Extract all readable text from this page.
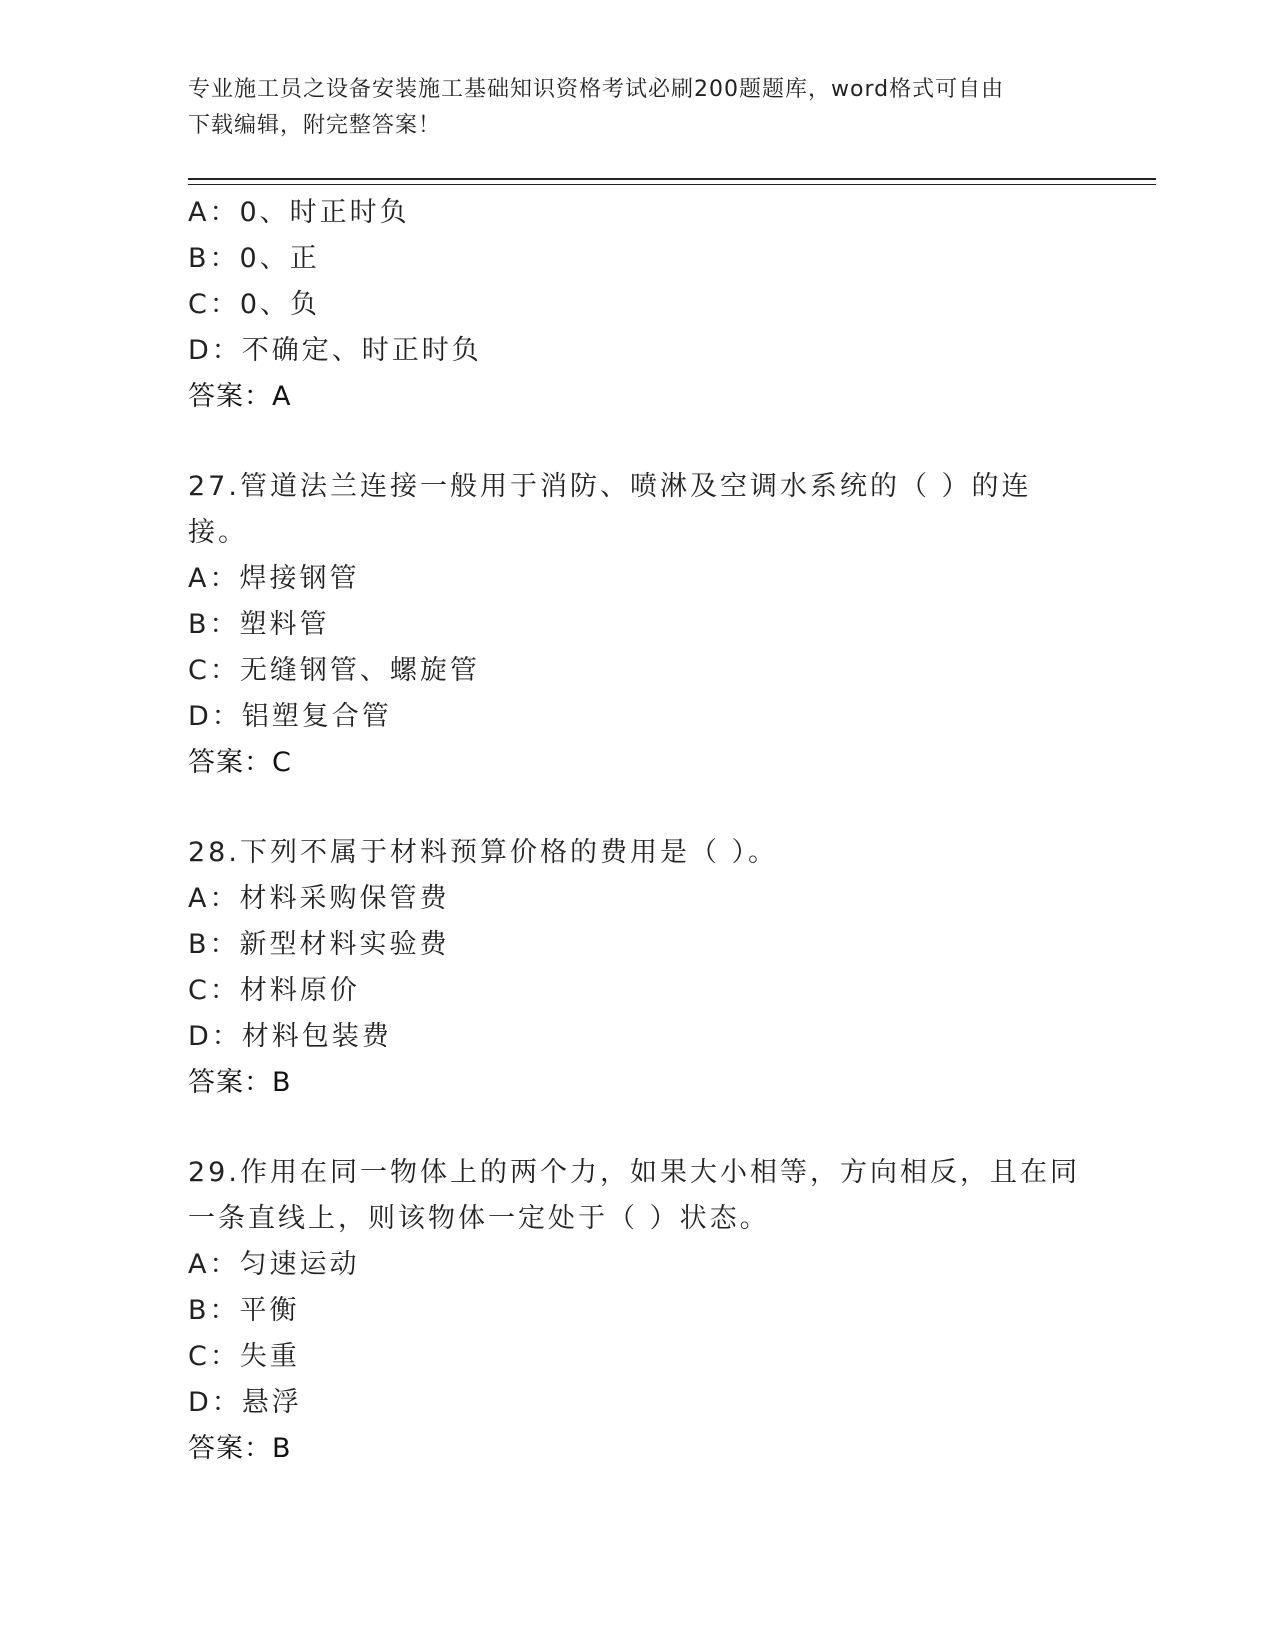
专业施工员之设备安装施工基础知识资格考试必刷200题题库，word格式可自由
下载编辑，附完整答案！
A：0、时正时负
B：0、正
C：0、负
D：不确定、时正时负
答案：A
27.管道法兰连接一般用于消防、喷淋及空调水系统的（ ）的连接。
A：焊接钢管
B：塑料管
C：无缝钢管、螺旋管
D：铝塑复合管
答案：C
28.下列不属于材料预算价格的费用是（ ）。
A：材料采购保管费
B：新型材料实验费
C：材料原价
D：材料包装费
答案：B
29.作用在同一物体上的两个力，如果大小相等，方向相反，且在同一条直线上，则该物体一定处于（ ）状态。
A：匀速运动
B：平衡
C：失重
D：悬浮
答案：B
